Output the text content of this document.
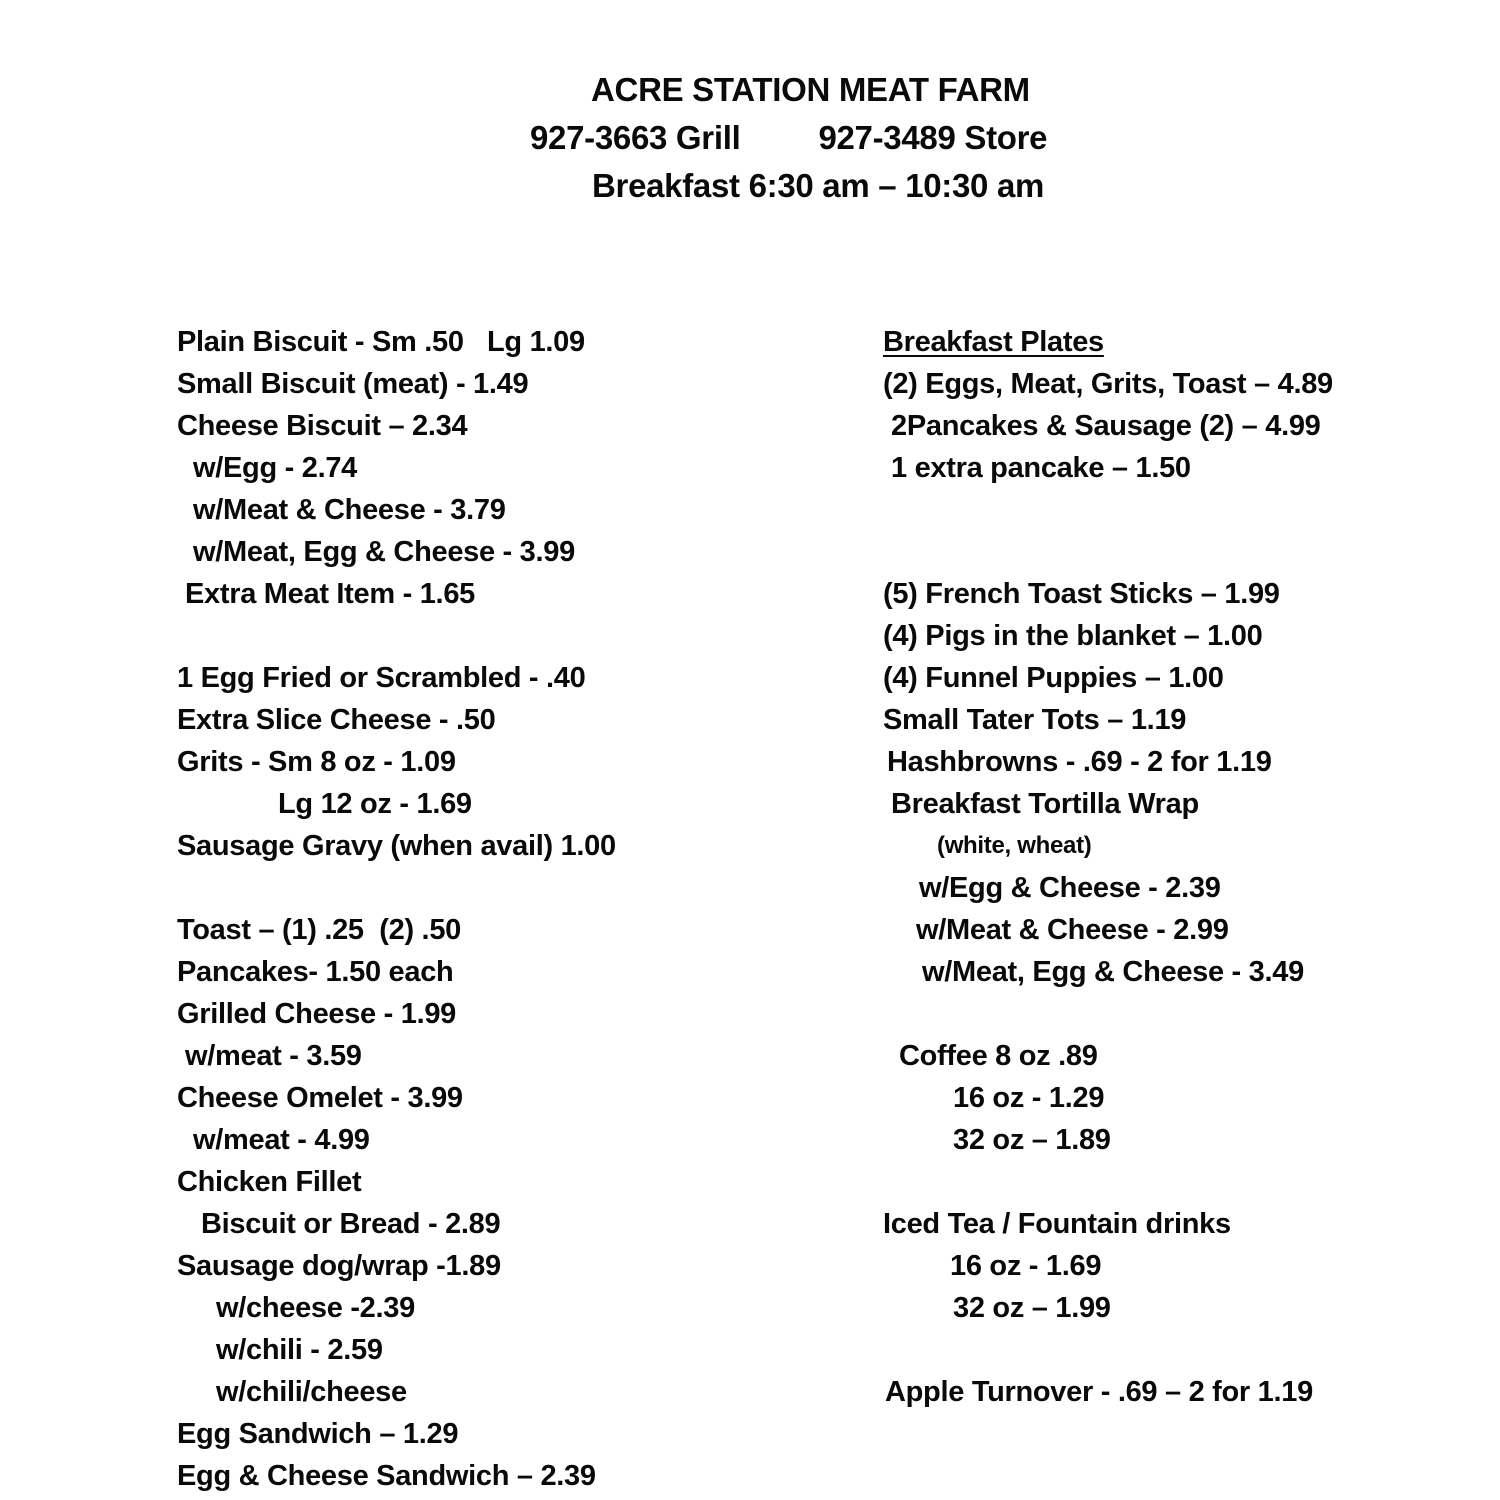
ACRE STATION MEAT FARM
927-3663 Grill 927-3489 Store
Breakfast 6:30 am – 10:30 am
Plain Biscuit - Sm .50   Lg 1.09
Small Biscuit (meat) - 1.49
Cheese Biscuit – 2.34
w/Egg - 2.74
w/Meat & Cheese - 3.79
w/Meat, Egg & Cheese - 3.99
Extra Meat Item - 1.65
1 Egg Fried or Scrambled - .40
Extra Slice Cheese - .50
Grits - Sm 8 oz - 1.09
Lg 12 oz - 1.69
Sausage Gravy (when avail) 1.00
Toast – (1) .25  (2) .50
Pancakes- 1.50 each
Grilled Cheese - 1.99
w/meat - 3.59
Cheese Omelet - 3.99
w/meat - 4.99
Chicken Fillet
Biscuit or Bread - 2.89
Sausage dog/wrap -1.89
w/cheese -2.39
w/chili - 2.59
w/chili/cheese
Egg Sandwich – 1.29
Egg & Cheese Sandwich – 2.39
Breakfast Plates
(2) Eggs, Meat, Grits, Toast – 4.89
2Pancakes & Sausage (2) – 4.99
1 extra pancake – 1.50
(5) French Toast Sticks – 1.99
(4) Pigs in the blanket – 1.00
(4) Funnel Puppies – 1.00
Small Tater Tots – 1.19
Hashbrowns - .69 - 2 for 1.19
Breakfast Tortilla Wrap
(white, wheat)
w/Egg & Cheese - 2.39
w/Meat & Cheese - 2.99
w/Meat, Egg & Cheese - 3.49
Coffee 8 oz .89
16 oz - 1.29
32 oz – 1.89
Iced Tea / Fountain drinks
16 oz - 1.69
32 oz – 1.99
Apple Turnover - .69 – 2 for 1.19
